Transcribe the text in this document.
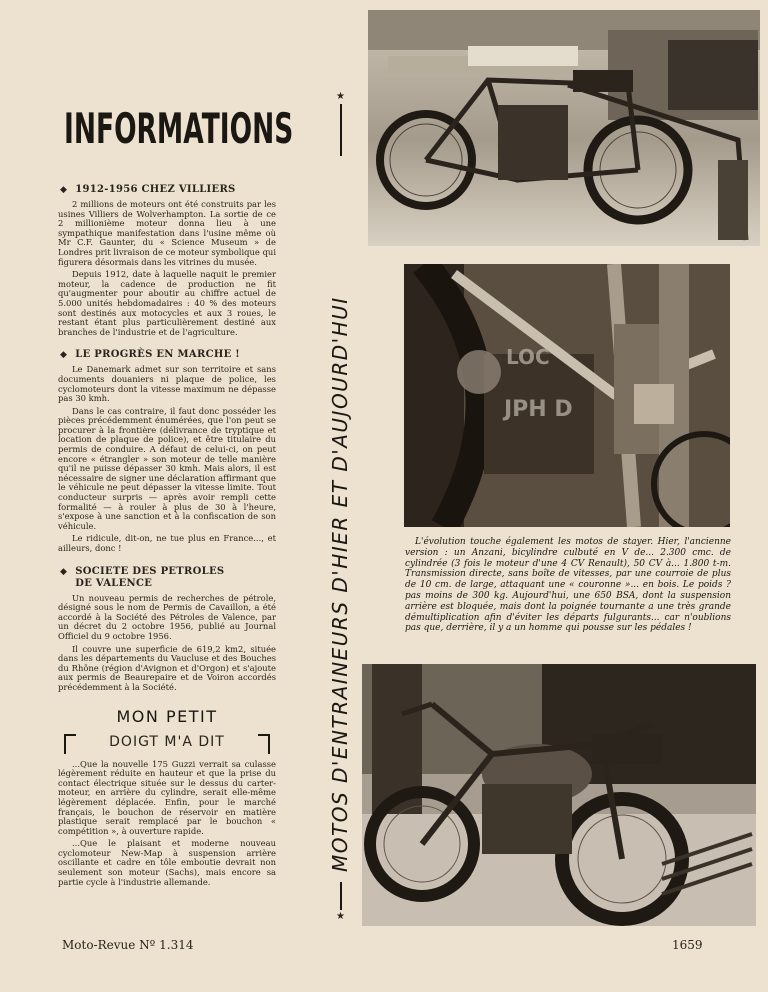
INFORMATIONS
◆ 1912-1956 CHEZ VILLIERS

2 millions de moteurs ont été construits par les usines Villiers de Wolverhampton. La sortie de ce 2 millionième moteur donna lieu à une sympathique manifestation dans l'usine même où Mr C.F. Gaunter, du « Science Museum » de Londres prit livraison de ce moteur symbolique qui figurera désormais dans les vitrines du musée.

Depuis 1912, date à laquelle naquit le premier moteur, la cadence de production ne fit qu'augmenter pour aboutir au chiffre actuel de 5.000 unités hebdomadaires : 40 % des moteurs sont destinés aux motocycles et aux 3 roues, le restant étant plus particulièrement destiné aux branches de l'industrie et de l'agriculture.

◆ LE PROGRÈS EN MARCHE !

Le Danemark admet sur son territoire et sans documents douaniers ni plaque de police, les cyclomoteurs dont la vitesse maximum ne dépasse pas 30 kmh.

Dans le cas contraire, il faut donc posséder les pièces précédemment énumérées, que l'on peut se procurer à la frontière (délivrance de tryptique et location de plaque de police), et être titulaire du permis de conduire. A défaut de celui-ci, on peut encore « étrangler » son moteur de telle manière qu'il ne puisse dépasser 30 kmh. Mais alors, il est nécessaire de signer une déclaration affirmant que le véhicule ne peut dépasser la vitesse limite. Tout conducteur surpris — après avoir rempli cette formalité — à rouler à plus de 30 à l'heure, s'expose à une sanction et à la confiscation de son véhicule.

Le ridicule, dit-on, ne tue plus en France..., et ailleurs, donc !

◆ SOCIETE DES PETROLES
DE VALENCE

Un nouveau permis de recherches de pétrole, désigné sous le nom de Permis de Cavaillon, a été accordé à la Société des Pétroles de Valence, par un décret du 2 octobre 1956, publié au Journal Officiel du 9 octobre 1956.

Il couvre une superficie de 619,2 km2, située dans les départements du Vaucluse et des Bouches du Rhône (région d'Avignon et d'Orgon) et s'ajoute aux permis de Beaurepaire et de Voiron accordés précédemment à la Société.

MON PETIT
DOIGT M'A DIT

...Que la nouvelle 175 Guzzi verrait sa culasse légèrement réduite en hauteur et que la prise du contact électrique située sur le dessus du carter-moteur, en arrière du cylindre, serait elle-même légèrement déplacée. Enfin, pour le marché français, le bouchon de réservoir en matière plastique serait remplacé par le bouchon « compétition », à ouverture rapide.

...Que le plaisant et moderne nouveau cyclomoteur New-Map à suspension arrière oscillante et cadre en tôle emboutie devrait non seulement son moteur (Sachs), mais encore sa partie cycle à l'industrie allemande.

★
MOTOS D'ENTRAINEURS D'HIER ET D'AUJOURD'HUI
★
LOC
JPH D
L'évolution touche également les motos de stayer. Hier, l'ancienne version : un Anzani, bicylindre culbuté en V de... 2.300 cmc. de cylindrée (3 fois le moteur d'une 4 CV Renault), 50 CV à... 1.800 t-m. Transmission directe, sans boîte de vitesses, par une courroie de plus de 10 cm. de large, attaquant une « couronne »... en bois. Le poids ? pas moins de 300 kg. Aujourd'hui, une 650 BSA, dont la suspension arrière est bloquée, mais dont la poignée tournante a une très grande démultiplication afin d'éviter les départs fulgurants... car n'oublions pas que, derrière, il y a un homme qui pousse sur les pédales !
Moto-Revue Nº 1.314	1659
